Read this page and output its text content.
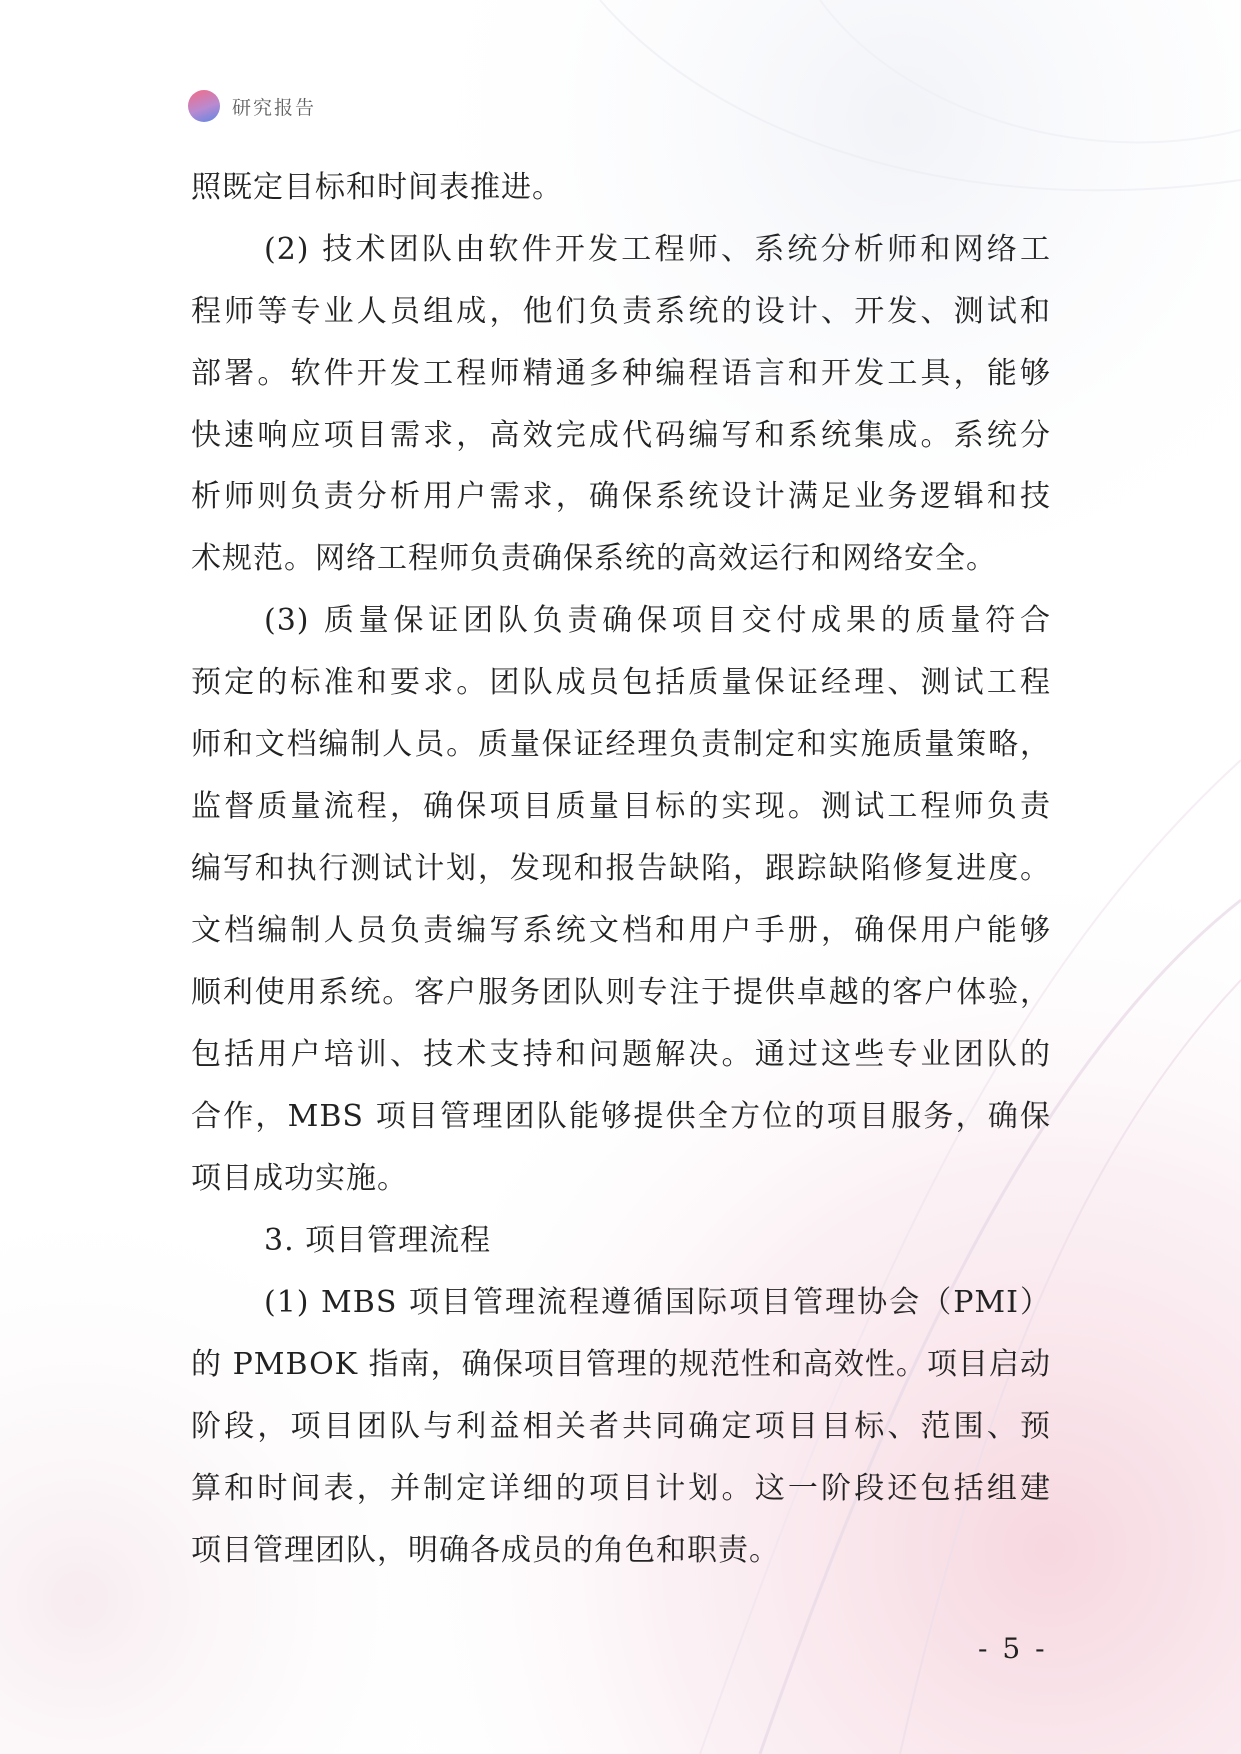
研究报告
照既定目标和时间表推进。
(2) 技术团队由软件开发工程师、系统分析师和网络工
程师等专业人员组成，他们负责系统的设计、开发、测试和
部署。软件开发工程师精通多种编程语言和开发工具，能够
快速响应项目需求，高效完成代码编写和系统集成。系统分
析师则负责分析用户需求，确保系统设计满足业务逻辑和技
术规范。网络工程师负责确保系统的高效运行和网络安全。
(3) 质量保证团队负责确保项目交付成果的质量符合
预定的标准和要求。团队成员包括质量保证经理、测试工程
师和文档编制人员。质量保证经理负责制定和实施质量策略，
监督质量流程，确保项目质量目标的实现。测试工程师负责
编写和执行测试计划，发现和报告缺陷，跟踪缺陷修复进度。
文档编制人员负责编写系统文档和用户手册，确保用户能够
顺利使用系统。客户服务团队则专注于提供卓越的客户体验，
包括用户培训、技术支持和问题解决。通过这些专业团队的
合作，MBS 项目管理团队能够提供全方位的项目服务，确保
项目成功实施。
3. 项目管理流程
(1) MBS 项目管理流程遵循国际项目管理协会（PMI）
的 PMBOK 指南，确保项目管理的规范性和高效性。项目启动
阶段，项目团队与利益相关者共同确定项目目标、范围、预
算和时间表，并制定详细的项目计划。这一阶段还包括组建
项目管理团队，明确各成员的角色和职责。
- 5 -
